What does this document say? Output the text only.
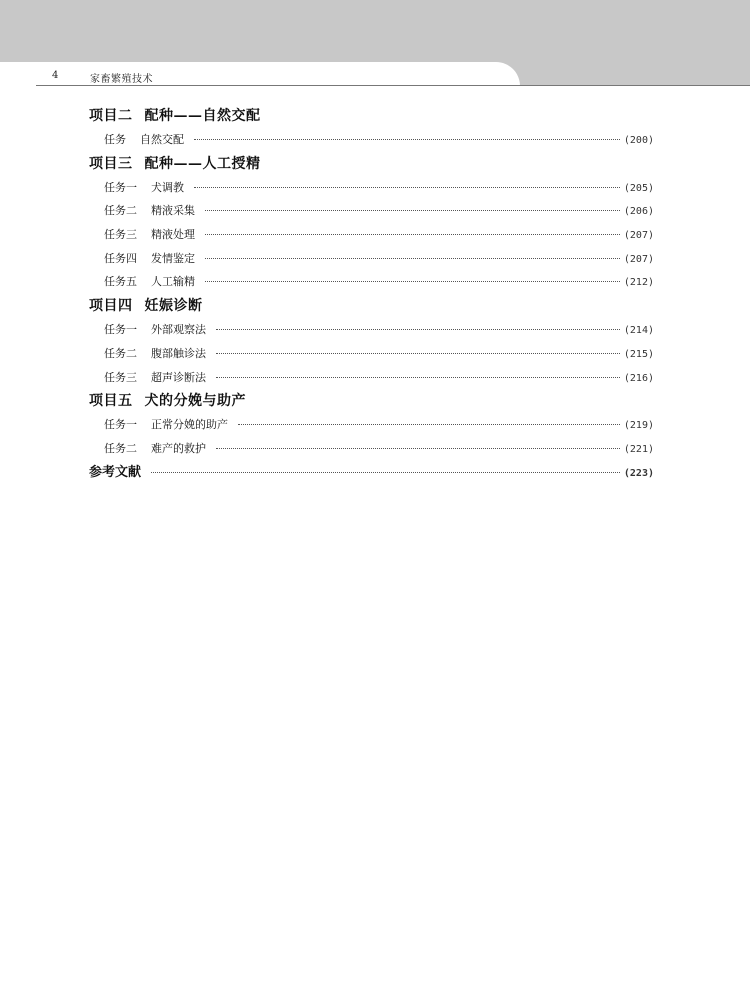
4	家畜繁殖技术
项目二 配种——自然交配
任务 自然交配	(200)
项目三 配种——人工授精
任务一 犬调教	(205)
任务二 精液采集	(206)
任务三 精液处理	(207)
任务四 发情鉴定	(207)
任务五 人工输精	(212)
项目四 妊娠诊断
任务一 外部观察法	(214)
任务二 腹部触诊法	(215)
任务三 超声诊断法	(216)
项目五 犬的分娩与助产
任务一 正常分娩的助产	(219)
任务二 难产的救护	(221)
参考文献	(223)
